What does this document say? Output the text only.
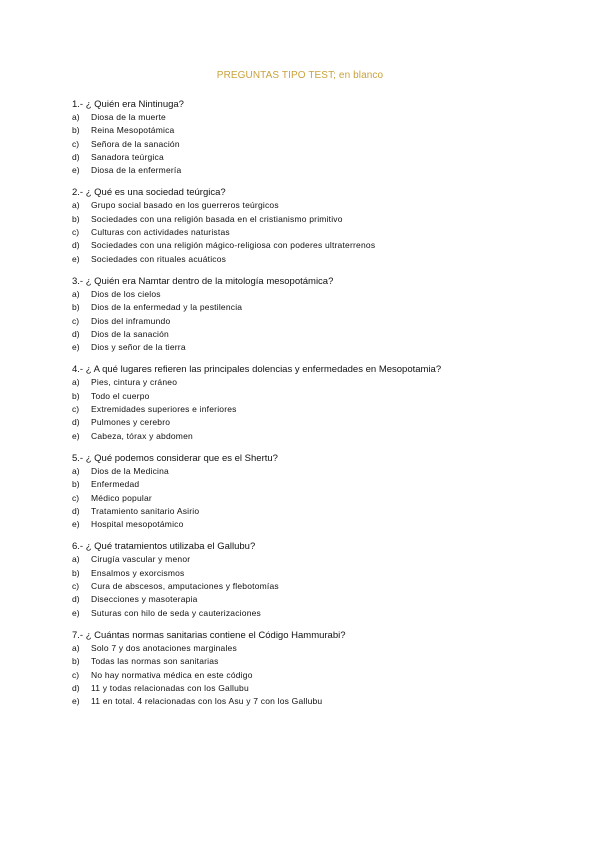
PREGUNTAS TIPO TEST; en blanco
1.- ¿ Quién era Nintinuga?
a)	Diosa de la muerte
b)	Reina Mesopotámica
c)	Señora de la sanación
d)	Sanadora teúrgica
e)	Diosa de la enfermería
2.- ¿ Qué es una sociedad teúrgica?
a)	Grupo social basado en los guerreros teúrgicos
b)	Sociedades con una religión basada en el cristianismo primitivo
c)	Culturas con actividades naturistas
d)	Sociedades con una religión mágico-religiosa con poderes ultraterrenos
e)	Sociedades con rituales acuáticos
3.- ¿ Quién era Namtar dentro de la mitología mesopotámica?
a)	Dios de los cielos
b)	Dios de la enfermedad y la pestilencia
c)	Dios del inframundo
d)	Dios de la sanación
e)	Dios y señor de la tierra
4.- ¿ A qué lugares refieren las principales dolencias y enfermedades en Mesopotamia?
a)	Pies, cintura y cráneo
b)	Todo el cuerpo
c)	Extremidades superiores e inferiores
d)	Pulmones y cerebro
e)	Cabeza, tórax y abdomen
5.- ¿ Qué podemos considerar que es el Shertu?
a)	Dios de la Medicina
b)	Enfermedad
c)	Médico popular
d)	Tratamiento sanitario Asirio
e)	Hospital mesopotámico
6.- ¿ Qué tratamientos utilizaba el Gallubu?
a)	Cirugía vascular y menor
b)	Ensalmos y exorcismos
c)	Cura de abscesos, amputaciones y flebotomías
d)	Disecciones y masoterapia
e)	Suturas con hilo de seda y cauterizaciones
7.- ¿ Cuántas normas sanitarias contiene el Código Hammurabi?
a)	Solo 7 y dos anotaciones marginales
b)	Todas las normas son sanitarias
c)	No hay normativa médica en este código
d)	11 y todas relacionadas con los Gallubu
e)	11 en total. 4 relacionadas con los Asu y 7 con los Gallubu
